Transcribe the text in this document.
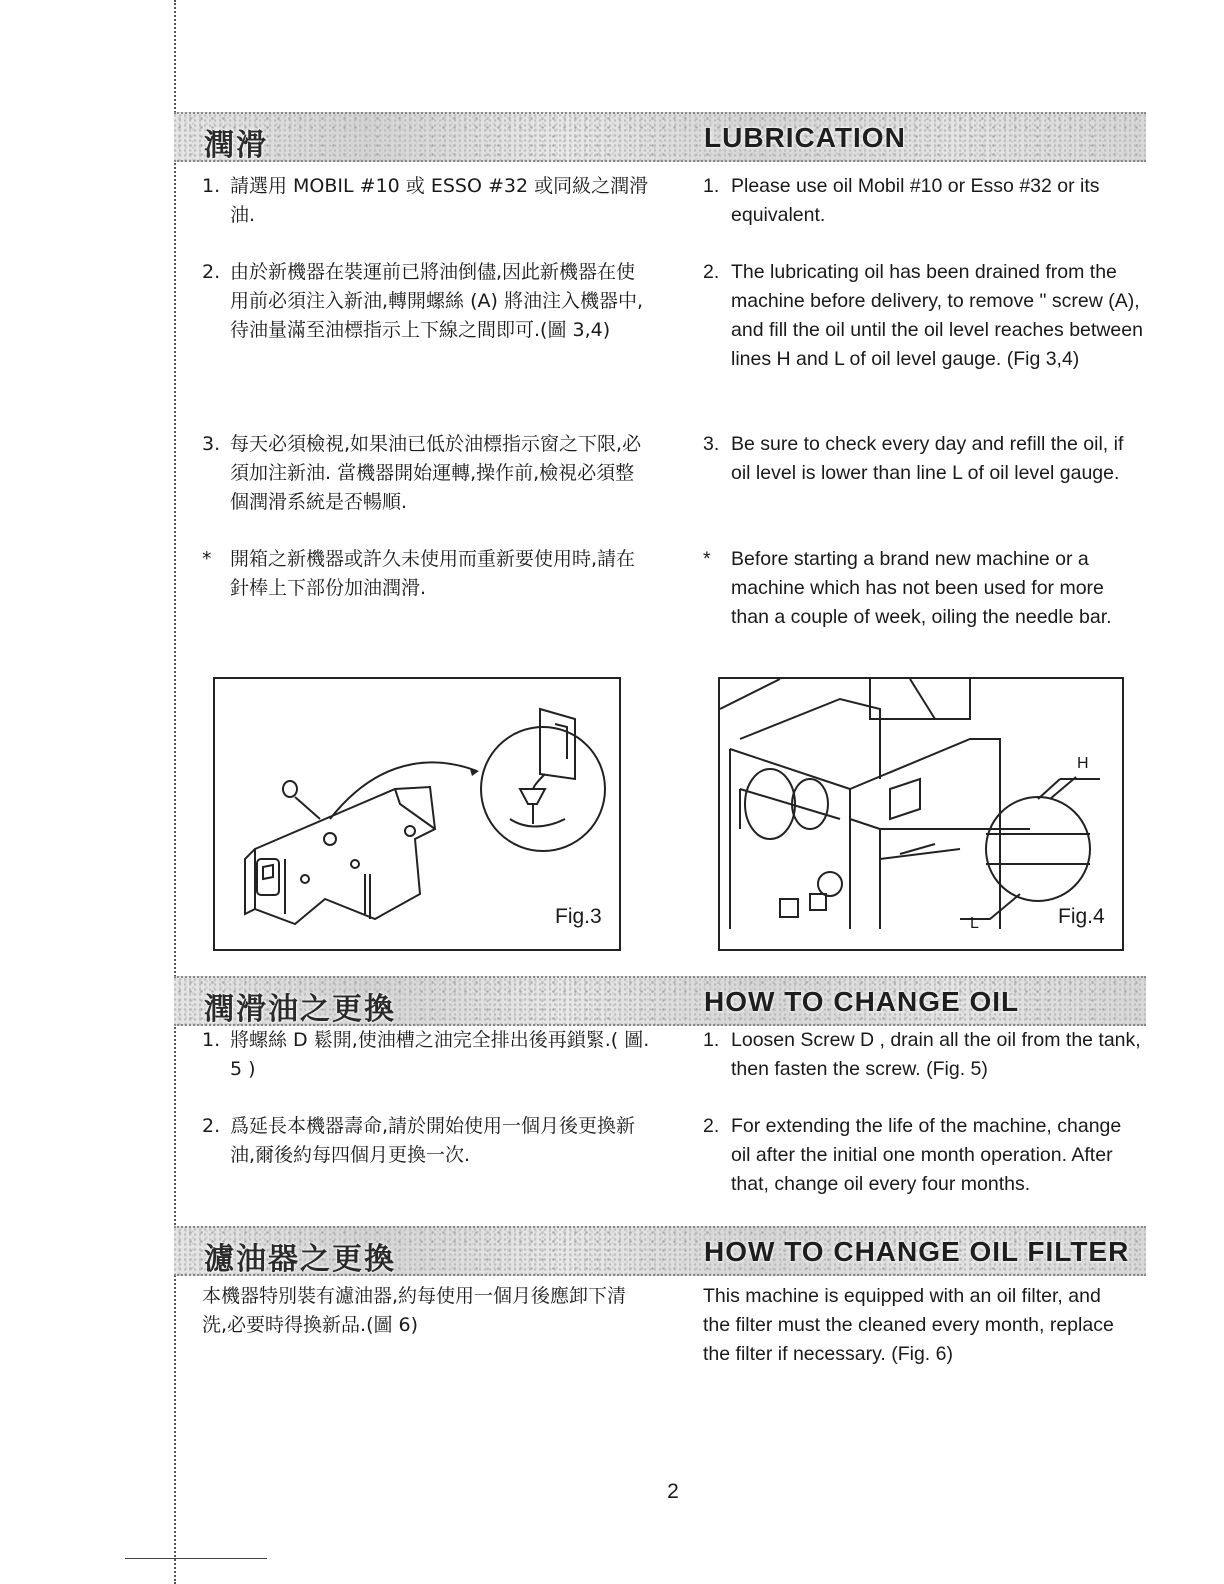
潤滑	LUBRICATION
1. 請選用 MOBIL #10 或 ESSO #32 或同級之潤滑油.
2. 由於新機器在裝運前已將油倒儘,因此新機器在使用前必須注入新油,轉開螺絲 (A) 將油注入機器中,待油量滿至油標指示上下線之間即可.(圖 3,4)
3. 每天必須檢視,如果油已低於油標指示窗之下限,必須加注新油. 當機器開始運轉,操作前,檢視必須整個潤滑系統是否暢順.
* 開箱之新機器或許久未使用而重新要使用時,請在針棒上下部份加油潤滑.
1. Please use oil Mobil #10 or Esso #32 or its equivalent.
2. The lubricating oil has been drained from the machine before delivery, to remove " screw (A), and fill the oil until the oil level reaches between lines H and L of oil level gauge. (Fig 3,4)
3. Be sure to check every day and refill the oil, if oil level is lower than line L of oil level gauge.
* Before starting a brand new machine or a machine which has not been used for more than a couple of week, oiling the needle bar.
Fig.3
H
L	Fig.4
潤滑油之更換	HOW TO CHANGE OIL
1. 將螺絲 D 鬆開,使油槽之油完全排出後再鎖緊.( 圖. 5 )
2. 爲延長本機器壽命,請於開始使用一個月後更換新油,爾後約每四個月更換一次.
1. Loosen Screw D , drain all the oil from the tank, then fasten the screw. (Fig. 5)
2. For extending the life of the machine, change oil after the initial one month operation. After that, change oil every four months.
濾油器之更換	HOW TO CHANGE OIL FILTER
本機器特別裝有濾油器,約每使用一個月後應卸下清洗,必要時得換新品.(圖 6)
This machine is equipped with an oil filter, and the filter must the cleaned every month, replace the filter if necessary. (Fig. 6)
2
